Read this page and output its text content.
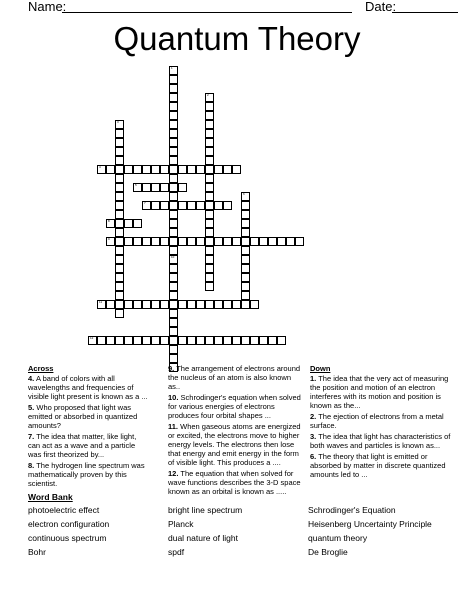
Name:	Date:
Quantum Theory
4
5
7
8
9
11
12
3
1
10
2
6
Across
4. A band of colors with all wavelengths and frequencies of visible light present is known as a ...
5. Who proposed that light was emitted or absorbed in quantized amounts?
7. The idea that matter, like light, can act as a wave and a particle was first theorized by...
8. The hydrogen line spectrum was mathematically proven by this scientist.
9. The arrangement of electrons around the nucleus of an atom is also known as..
10. Schrodinger's equation when solved for various energies of electrons produces four orbital shapes ...
11. When gaseous atoms are energized or excited, the electrons move to higher energy levels. The electrons then lose that energy and emit energy in the form of visible light. This produces a ....
12. The equation that when solved for wave functions describes the 3-D space known as an orbital is known as .....
Down
1. The idea that the very act of measuring the position and motion of an electron interferes with its motion and position is known as the...
2. The ejection of electrons from a metal surface.
3. The idea that light has characteristics of both waves and particles is known as...
6. The theory that light is emitted or absorbed by matter in discrete quantized amounts led to ...
Word Bank
photoelectric effect	bright line spectrum	Schrodinger's Equation
electron configuration	Planck	Heisenberg Uncertainty Principle
continuous spectrum	dual nature of light	quantum theory
Bohr	spdf	De Broglie
